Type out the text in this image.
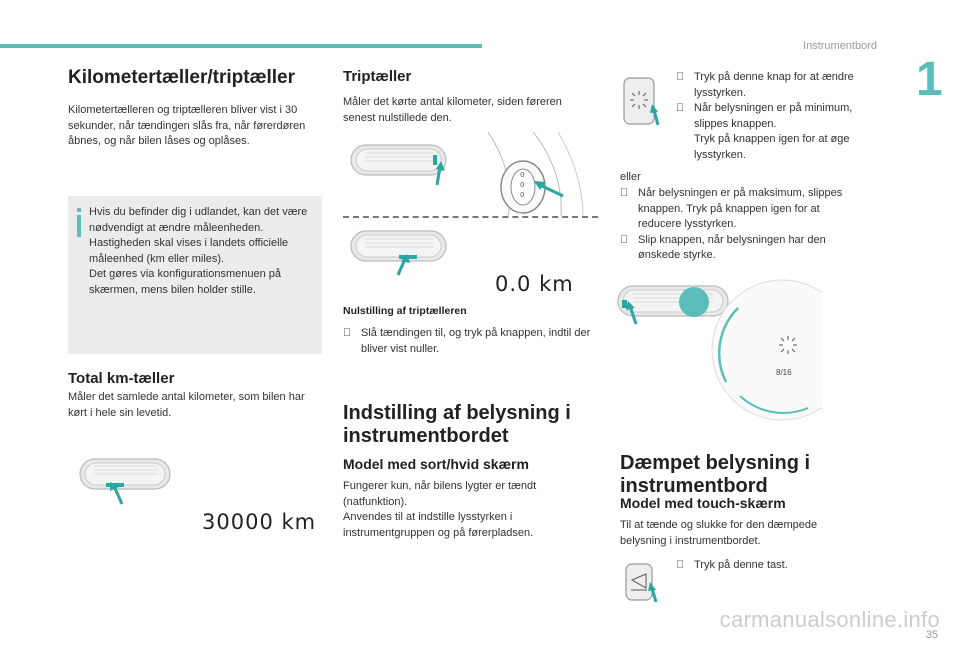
Instrumentbord
1
Kilometertæller/triptæller

Kilometertælleren og triptælleren bliver vist i 30 sekunder, når tændingen slås fra, når førerdøren åbnes, og når bilen låses og oplåses.

Hvis du befinder dig i udlandet, kan det være nødvendigt at ændre måleenheden. Hastigheden skal vises i landets officielle måleenhed (km eller miles).
Det gøres via konfigurationsmenuen på skærmen, mens bilen holder stille.

Total km-tæller

Måler det samlede antal kilometer, som bilen har kørt i hele sin levetid.

30000 km
Triptæller

Måler det kørte antal kilometer, siden føreren senest nulstillede den.

0
0
0
0.0 km
Nulstilling af triptælleren
Slå tændingen til, og tryk på knappen, indtil der bliver vist nuller.
Indstilling af belysning i instrumentbordet
Model med sort/hvid skærm

Fungerer kun, når bilens lygter er tændt (natfunktion).
Anvendes til at indstille lysstyrken i instrumentgruppen og på førerpladsen.

Tryk på denne knap for at ændre lysstyrken.
Når belysningen er på minimum, slippes knappen.
Tryk på knappen igen for at øge lysstyrken.
eller
Når belysningen er på maksimum, slippes knappen. Tryk på knappen igen for at reducere lysstyrken.
Slip knappen, når belysningen har den ønskede styrke.
8/16
Dæmpet belysning i instrumentbord
Model med touch-skærm

Til at tænde og slukke for den dæmpede belysning i instrumentbordet.

Tryk på denne tast.
carmanualsonline.info
35
